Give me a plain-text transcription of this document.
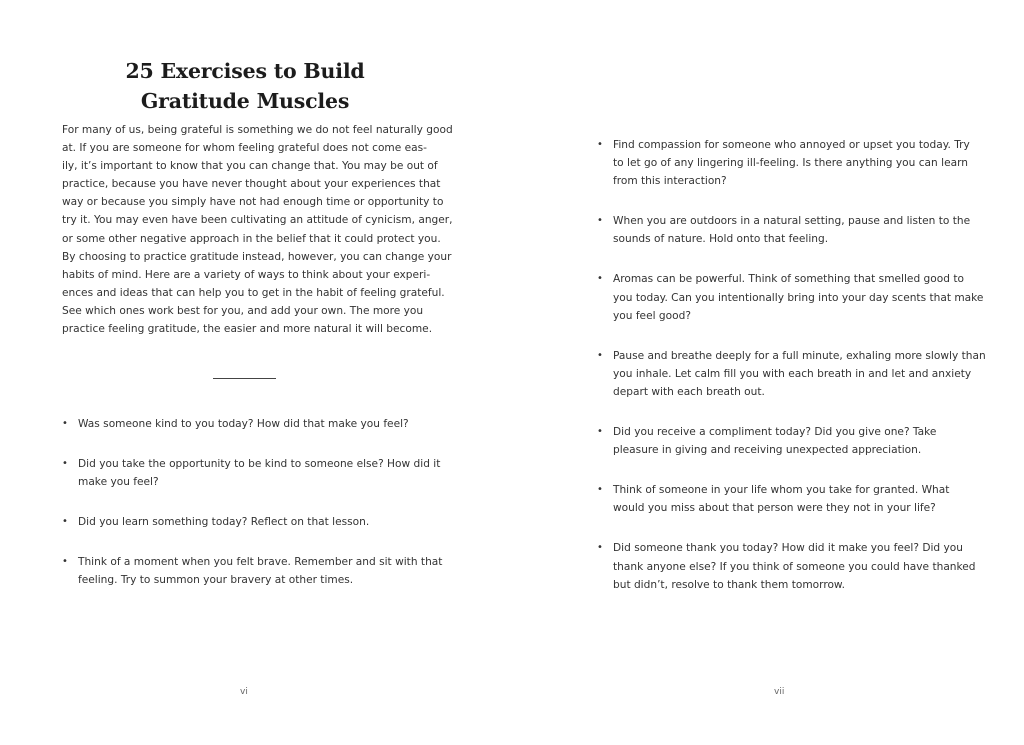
25 Exercises to Build
Gratitude Muscles
For many of us, being grateful is something we do not feel naturally good
at. If you are someone for whom feeling grateful does not come eas-
ily, it’s important to know that you can change that. You may be out of
practice, because you have never thought about your experiences that
way or because you simply have not had enough time or opportunity to
try it. You may even have been cultivating an attitude of cynicism, anger,
or some other negative approach in the belief that it could protect you.
By choosing to practice gratitude instead, however, you can change your
habits of mind. Here are a variety of ways to think about your experi-
ences and ideas that can help you to get in the habit of feeling grateful.
See which ones work best for you, and add your own. The more you
practice feeling gratitude, the easier and more natural it will become.
• Was someone kind to you today? How did that make you feel?
• Did you take the opportunity to be kind to someone else? How did it
make you feel?
• Did you learn something today? Reflect on that lesson.
• Think of a moment when you felt brave. Remember and sit with that
feeling. Try to summon your bravery at other times.
vi	vii
• Find compassion for someone who annoyed or upset you today. Try
to let go of any lingering ill-feeling. Is there anything you can learn
from this interaction?
• When you are outdoors in a natural setting, pause and listen to the
sounds of nature. Hold onto that feeling.
• Aromas can be powerful. Think of something that smelled good to
you today. Can you intentionally bring into your day scents that make
you feel good?
• Pause and breathe deeply for a full minute, exhaling more slowly than
you inhale. Let calm fill you with each breath in and let and anxiety
depart with each breath out.
• Did you receive a compliment today? Did you give one? Take
pleasure in giving and receiving unexpected appreciation.
• Think of someone in your life whom you take for granted. What
would you miss about that person were they not in your life?
• Did someone thank you today? How did it make you feel? Did you
thank anyone else? If you think of someone you could have thanked
but didn’t, resolve to thank them tomorrow.
